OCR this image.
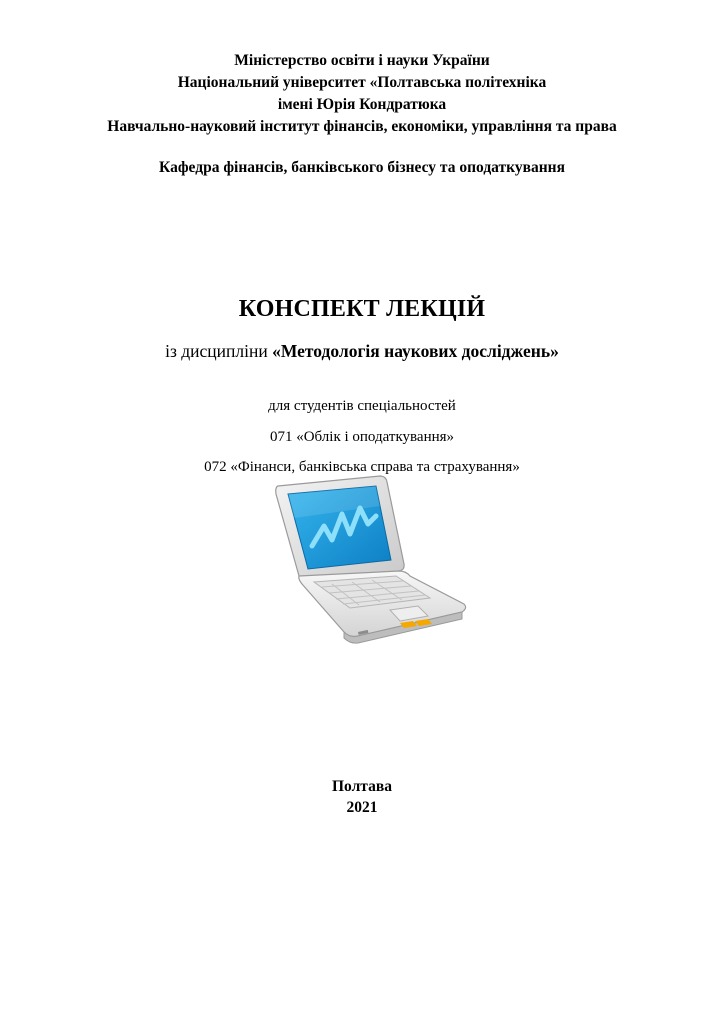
Міністерство освіти і науки України
Національний університет «Полтавська політехніка
імені Юрія Кондратюка
Навчально-науковий інститут фінансів, економіки, управління та права
Кафедра фінансів, банківського бізнесу та оподаткування
КОНСПЕКТ ЛЕКЦІЙ
із дисципліни «Методологія наукових досліджень»
для студентів спеціальностей
071 «Облік і оподаткування»
072 «Фінанси, банківська справа та страхування»
Полтава
2021
